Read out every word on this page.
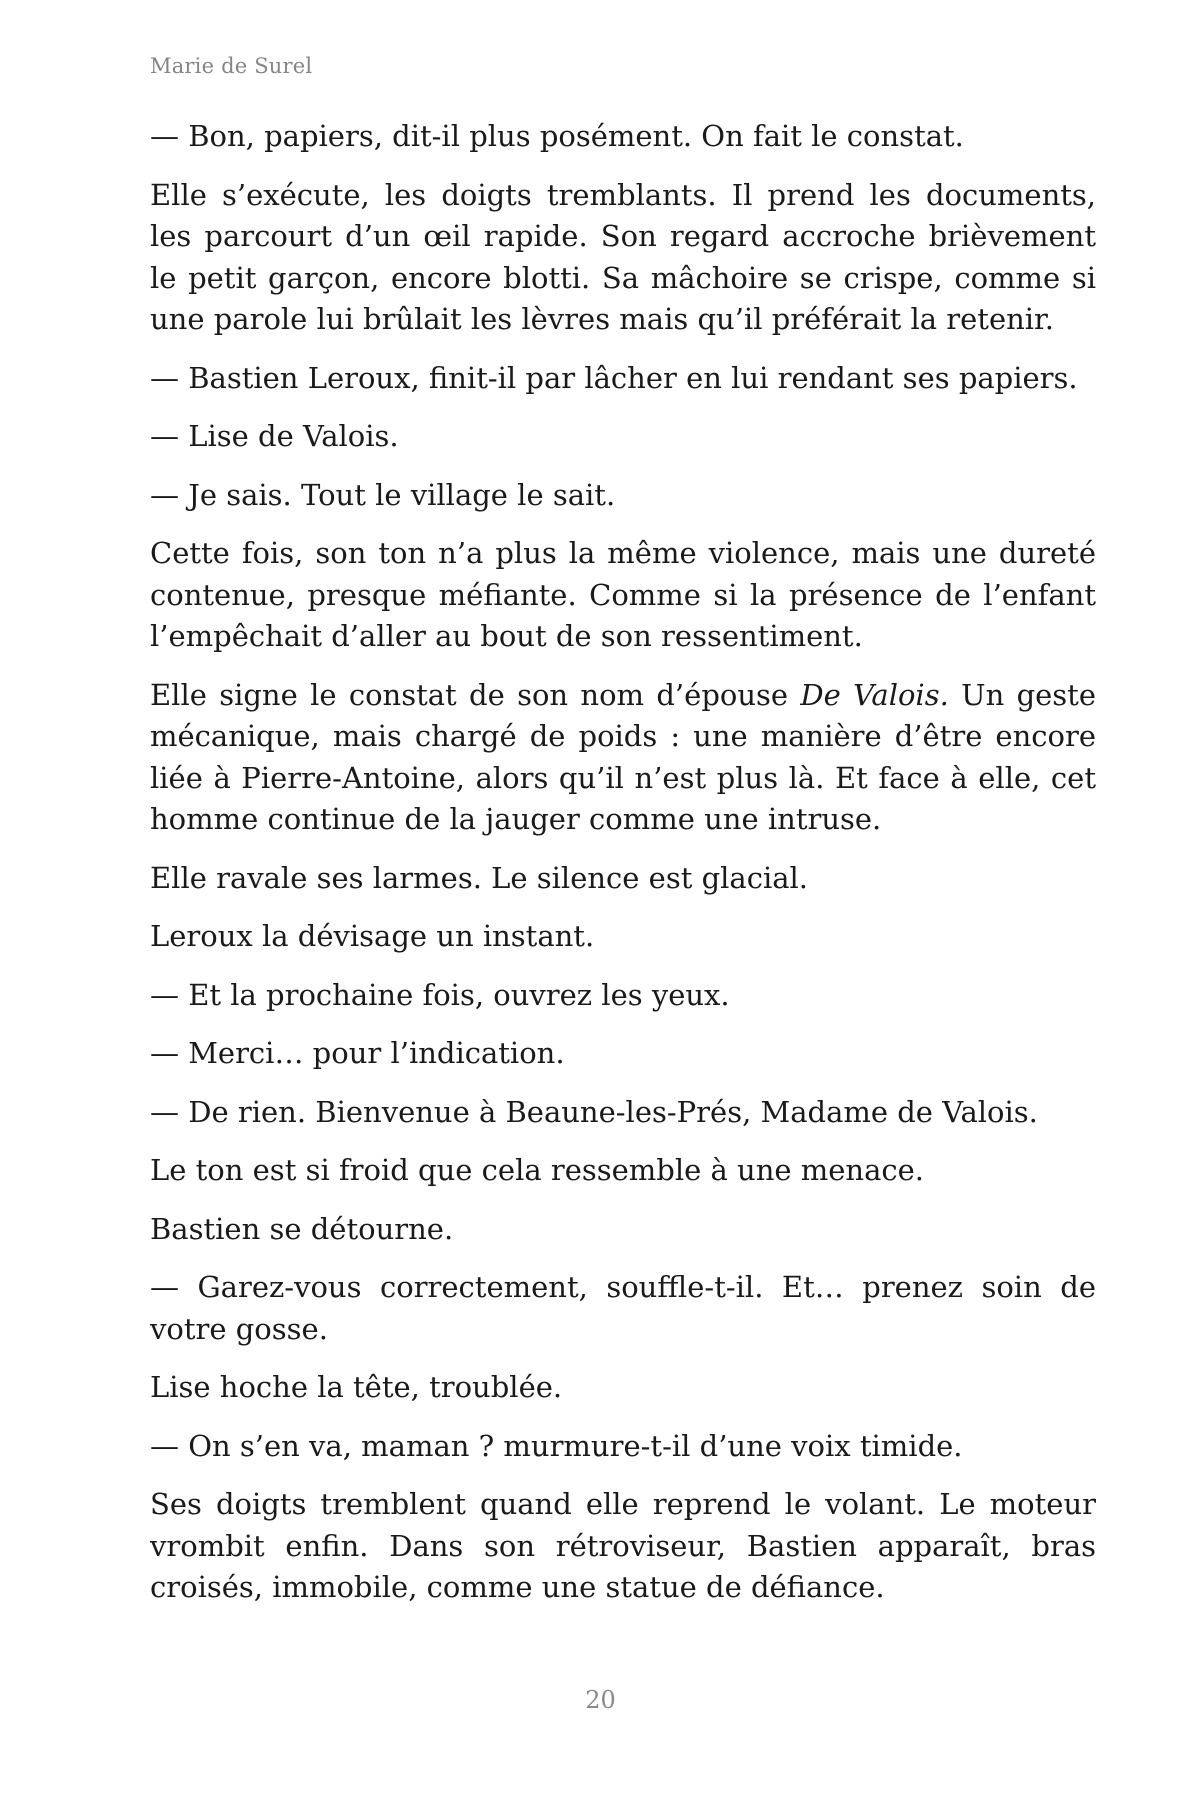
Marie de Surel

— Bon, papiers, dit-il plus posément. On fait le constat.

Elle s’exécute, les doigts tremblants. Il prend les documents, les parcourt d’un œil rapide. Son regard accroche brièvement le petit garçon, encore blotti. Sa mâchoire se crispe, comme si une parole lui brûlait les lèvres mais qu’il préférait la retenir.

— Bastien Leroux, finit-il par lâcher en lui rendant ses papiers.

— Lise de Valois.

— Je sais. Tout le village le sait.

Cette fois, son ton n’a plus la même violence, mais une dureté contenue, presque méfiante. Comme si la présence de l’enfant l’empêchait d’aller au bout de son ressentiment.

Elle signe le constat de son nom d’épouse De Valois. Un geste mécanique, mais chargé de poids : une manière d’être encore liée à Pierre-Antoine, alors qu’il n’est plus là. Et face à elle, cet homme continue de la jauger comme une intruse.

Elle ravale ses larmes. Le silence est glacial.

Leroux la dévisage un instant.

— Et la prochaine fois, ouvrez les yeux.

— Merci… pour l’indication.

— De rien. Bienvenue à Beaune-les-Prés, Madame de Valois.

Le ton est si froid que cela ressemble à une menace.

Bastien se détourne.

— Garez-vous correctement, souffle-t-il. Et… prenez soin de votre gosse.

Lise hoche la tête, troublée.

— On s’en va, maman ? murmure-t-il d’une voix timide.

Ses doigts tremblent quand elle reprend le volant. Le moteur vrombit enfin. Dans son rétroviseur, Bastien apparaît, bras croisés, immobile, comme une statue de défiance.

20
